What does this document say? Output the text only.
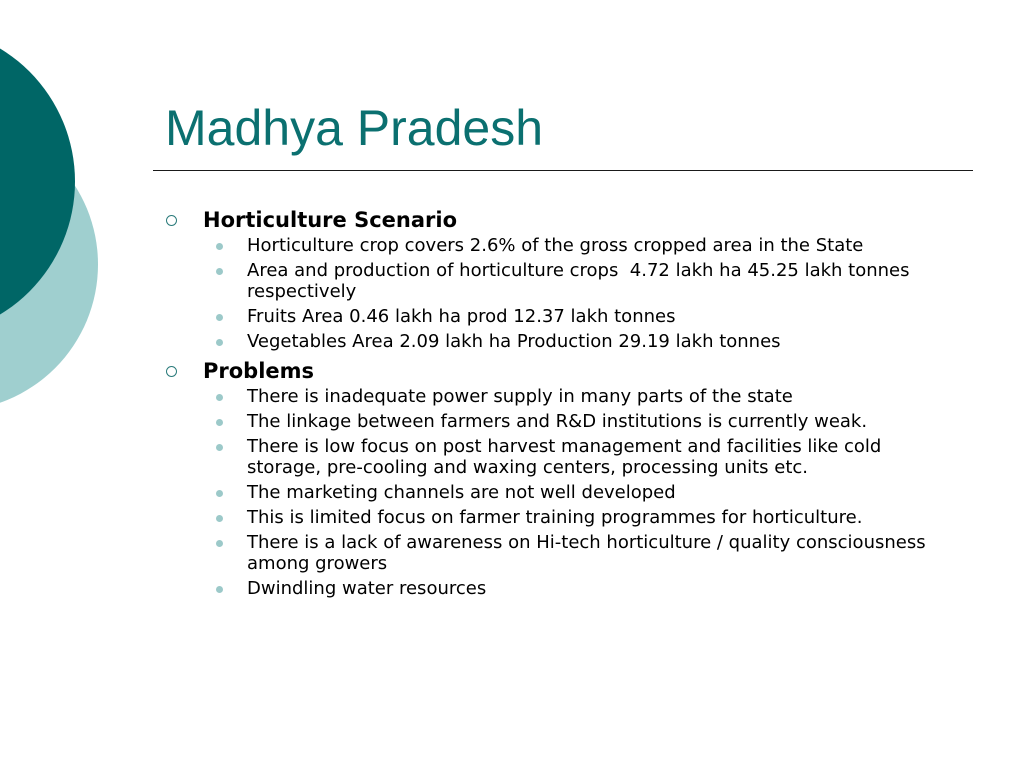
Madhya Pradesh
Horticulture Scenario
Horticulture crop covers 2.6% of the gross cropped area in the State
Area and production of horticulture crops  4.72 lakh ha 45.25 lakh tonnes respectively
Fruits Area 0.46 lakh ha prod 12.37 lakh tonnes
Vegetables Area 2.09 lakh ha Production 29.19 lakh tonnes
Problems
There is inadequate power supply in many parts of the state
The linkage between farmers and R&D institutions is currently weak.
There is low focus on post harvest management and facilities like cold storage, pre-cooling and waxing centers, processing units etc.
The marketing channels are not well developed
This is limited focus on farmer training programmes for horticulture.
There is a lack of awareness on Hi-tech horticulture / quality consciousness among growers
Dwindling water resources
